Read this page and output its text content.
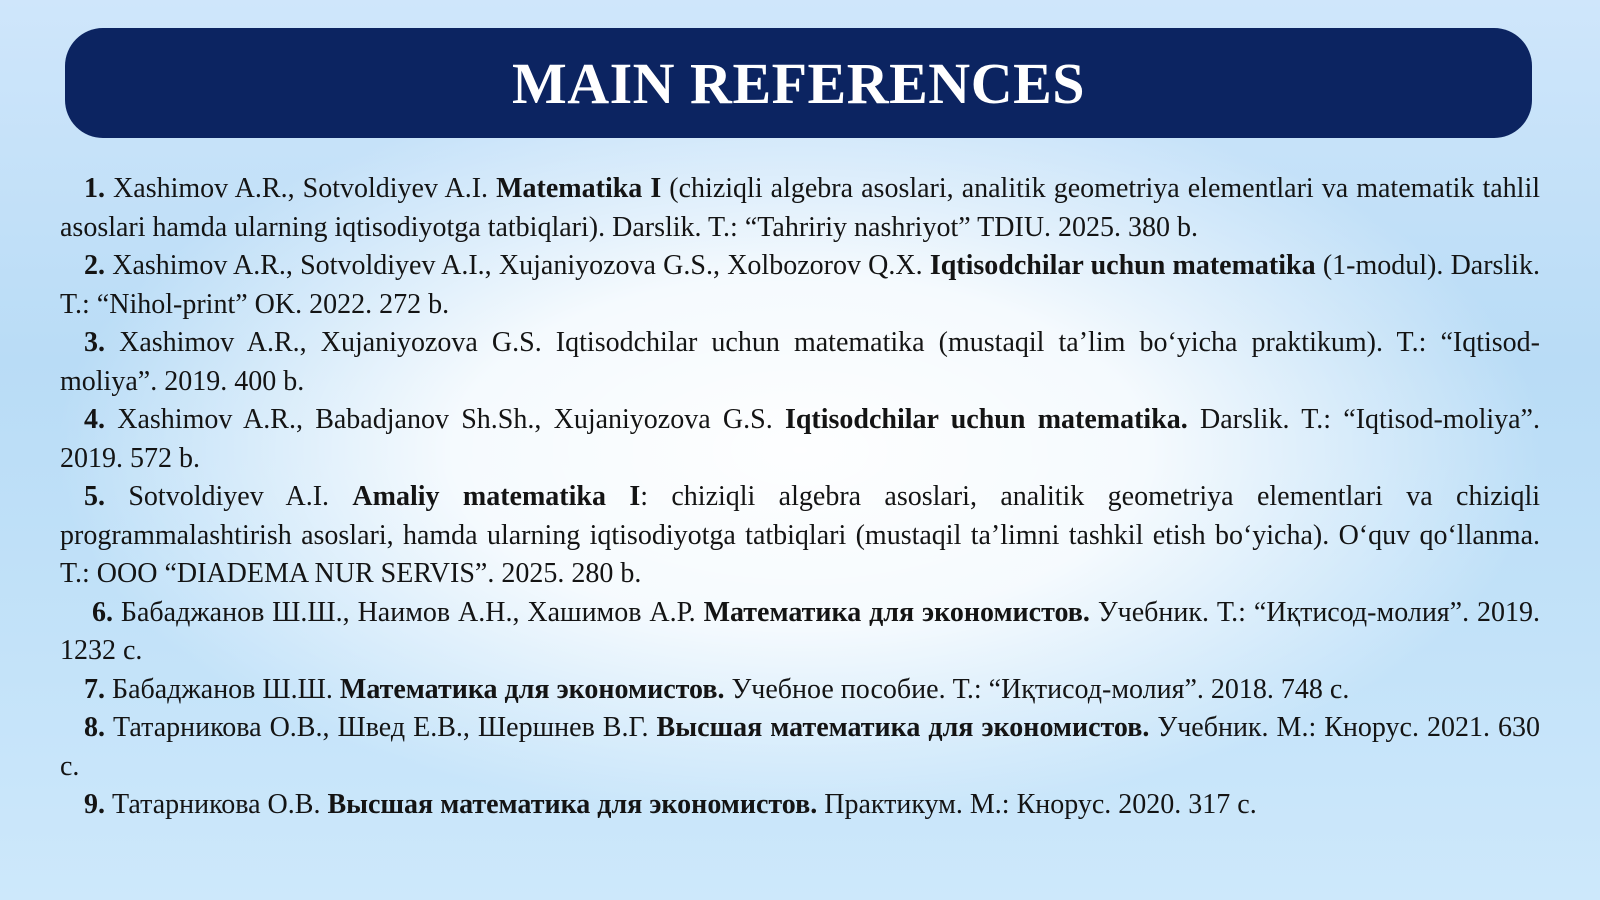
MAIN REFERENCES

1. Xashimov A.R., Sotvoldiyev A.I. Matematika I (chiziqli algebra asoslari, analitik geometriya elementlari va matematik tahlil asoslari hamda ularning iqtisodiyotga tatbiqlari). Darslik. T.: “Tahririy nashriyot” TDIU. 2025. 380 b.

2. Xashimov A.R., Sotvoldiyev A.I., Xujaniyozova G.S., Xolbozorov Q.X. Iqtisodchilar uchun matematika (1-modul). Darslik. T.: “Nihol-print” OK. 2022. 272 b.

3. Xashimov A.R., Xujaniyozova G.S. Iqtisodchilar uchun matematika (mustaqil ta’lim bo‘yicha praktikum). T.: “Iqtisod-moliya”. 2019. 400 b.

4. Xashimov A.R., Babadjanov Sh.Sh., Xujaniyozova G.S. Iqtisodchilar uchun matematika. Darslik. T.: “Iqtisod-moliya”. 2019. 572 b.

5. Sotvoldiyev A.I. Amaliy matematika I: chiziqli algebra asoslari, analitik geometriya elementlari va chiziqli programmalashtirish asoslari, hamda ularning iqtisodiyotga tatbiqlari (mustaqil ta’limni tashkil etish bo‘yicha). O‘quv qo‘llanma. T.: OOO “DIADEMA NUR SERVIS”. 2025. 280 b.

6. Бабаджанов Ш.Ш., Наимов А.Н., Хашимов А.Р. Математика для экономистов. Учебник. Т.: “Иқтисод-молия”. 2019. 1232 с.

7. Бабаджанов Ш.Ш. Математика для экономистов. Учебное пособие. Т.: “Иқтисод-молия”. 2018. 748 с.

8. Татарникова О.В., Швед Е.В., Шершнев В.Г. Высшая математика для экономистов. Учебник. М.: Кнорус. 2021. 630 с.

9. Татарникова О.В. Высшая математика для экономистов. Практикум. М.: Кнорус. 2020. 317 с.
